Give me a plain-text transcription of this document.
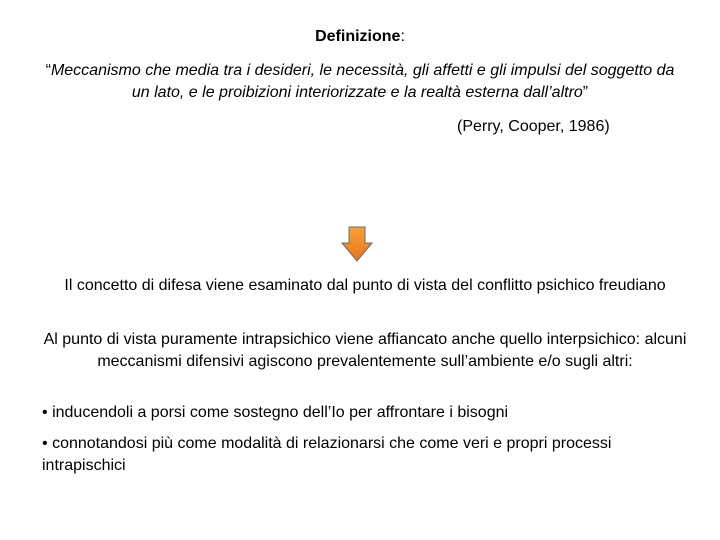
Definizione:
“Meccanismo che media tra i desideri, le necessità, gli affetti e gli impulsi del soggetto da un lato, e le proibizioni interiorizzate e la realtà esterna dall’altro”
(Perry, Cooper, 1986)
Il concetto di difesa viene esaminato dal punto di vista del conflitto psichico freudiano
Al punto di vista puramente intrapsichico viene affiancato anche quello interpsichico: alcuni meccanismi difensivi agiscono prevalentemente sull’ambiente e/o sugli altri:
• inducendoli a porsi come sostegno dell’Io per affrontare i bisogni
• connotandosi più come modalità di relazionarsi che come veri e propri processi intrapischici
